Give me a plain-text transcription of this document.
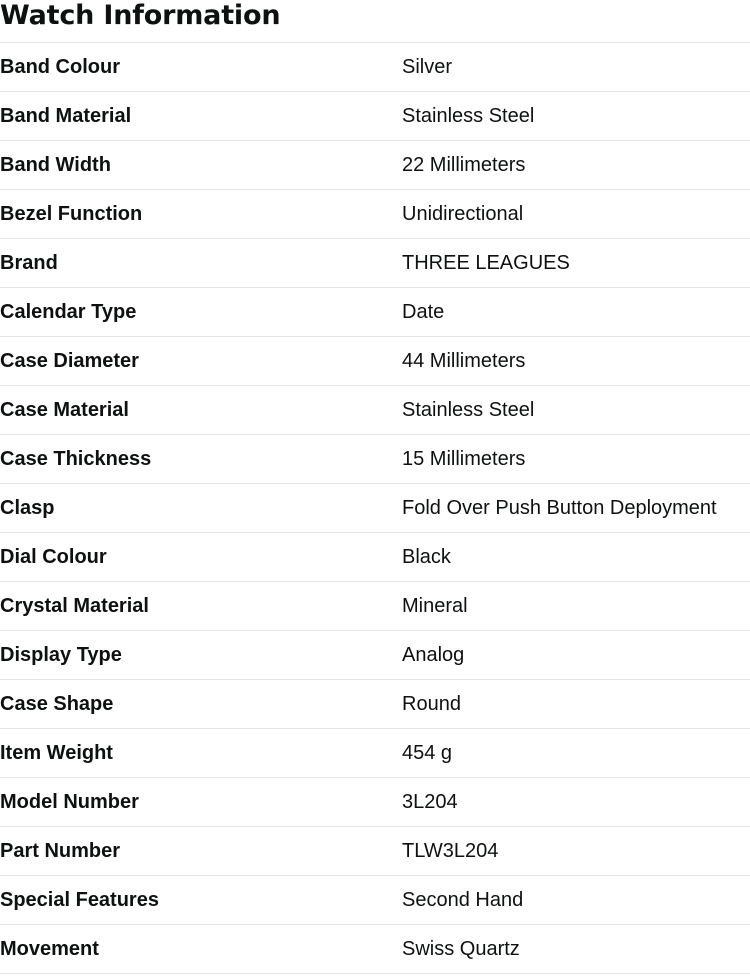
Watch Information
Band Colour	Silver
Band Material	Stainless Steel
Band Width	22 Millimeters
Bezel Function	Unidirectional
Brand	THREE LEAGUES
Calendar Type	Date
Case Diameter	44 Millimeters
Case Material	Stainless Steel
Case Thickness	15 Millimeters
Clasp	Fold Over Push Button Deployment
Dial Colour	Black
Crystal Material	Mineral
Display Type	Analog
Case Shape	Round
Item Weight	454 g
Model Number	3L204
Part Number	TLW3L204
Special Features	Second Hand
Movement	Swiss Quartz
